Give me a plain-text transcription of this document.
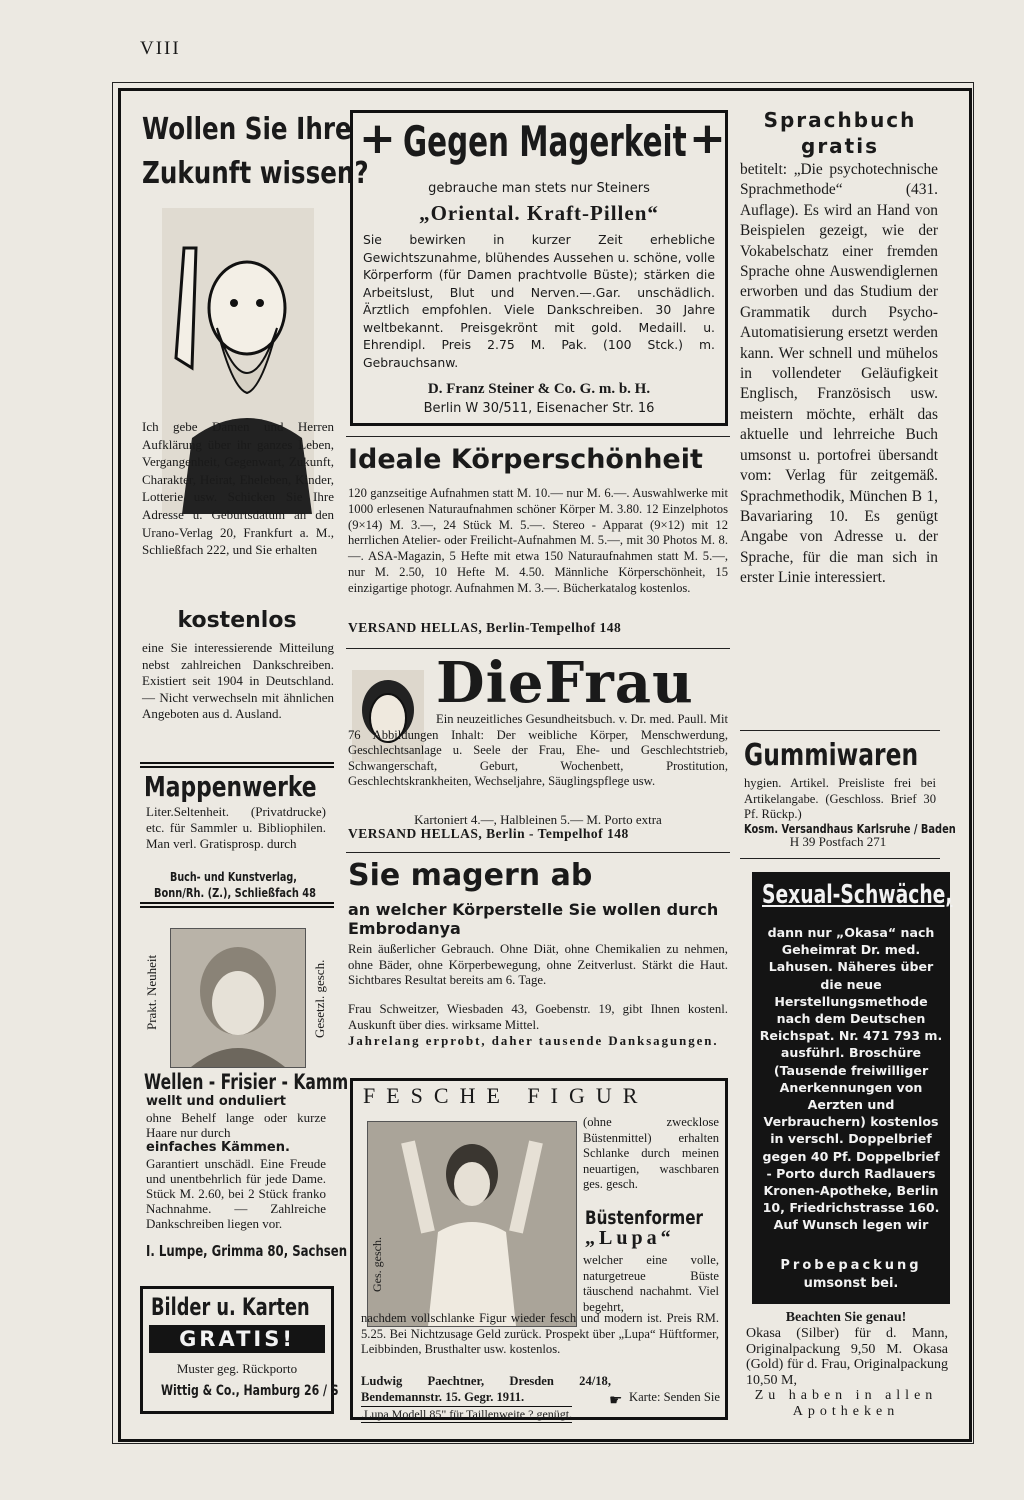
VIII
Wollen Sie Ihre
Zukunft wissen?

Ich gebe Damen und Herren Aufklärung über ihr ganzes Leben, Vergangenheit, Gegenwart, Zukunft, Charakter, Heirat, Eheleben, Kinder, Lotterie usw. Schicken Sie Ihre Adresse u. Geburtsdatum an den Urano-Verlag 20, Frankfurt a. M., Schließfach 222, und Sie erhalten

kostenlos

eine Sie interessierende Mitteilung nebst zahlreichen Dankschreiben. Existiert seit 1904 in Deutschland. — Nicht verwechseln mit ähnlichen Angeboten aus d. Ausland.

Mappenwerke

Liter.Seltenheit. (Privatdrucke) etc. für Sammler u. Bibliophilen. Man verl. Gratisprosp. durch

Buch- und Kunstverlag,
Bonn/Rh. (Z.), Schließfach 48
Prakt. Neuheit	Gesetzl. gesch.
Wellen - Frisier - Kamm
wellt und onduliert

ohne Behelf lange oder kurze Haare nur durch

einfaches Kämmen.

Garantiert unschädl. Eine Freude und unentbehrlich für jede Dame. Stück M. 2.60, bei 2 Stück franko Nachnahme. — Zahlreiche Dankschreiben liegen vor.

I. Lumpe, Grimma 80, Sachsen
Bilder u. Karten
GRATIS!
Muster geg. Rückporto
Wittig & Co., Hamburg 26 / S
+ Gegen Magerkeit +
gebrauche man stets nur Steiners
„Oriental. Kraft-Pillen“

Sie bewirken in kurzer Zeit erhebliche Gewichtszunahme, blühendes Aussehen u. schöne, volle Körperform (für Damen prachtvolle Büste); stärken die Arbeitslust, Blut und Nerven.—.Gar. unschädlich. Ärztlich empfohlen. Viele Dankschreiben. 30 Jahre weltbekannt. Preisgekrönt mit gold. Medaill. u. Ehrendipl. Preis 2.75 M. Pak. (100 Stck.) m. Gebrauchsanw.

D. Franz Steiner & Co. G. m. b. H.
Berlin W 30/511, Eisenacher Str. 16
Ideale Körperschönheit

120 ganzseitige Aufnahmen statt M. 10.— nur M. 6.—. Auswahlwerke mit 1000 erlesenen Naturaufnahmen schöner Körper M. 3.80. 12 Einzelphotos (9×14) M. 3.—, 24 Stück M. 5.—. Stereo - Apparat (9×12) mit 12 herrlichen Atelier- oder Freilicht-Aufnahmen M. 5.—, mit 30 Photos M. 8.—. ASA-Magazin, 5 Hefte mit etwa 150 Naturaufnahmen statt M. 5.—, nur M. 2.50, 10 Hefte M. 4.50. Männliche Körperschönheit, 15 einzigartige photogr. Aufnahmen M. 3.—. Bücherkatalog kostenlos.

VERSAND HELLAS, Berlin-Tempelhof 148
DieFrau

Ein neuzeitliches Gesundheitsbuch. v. Dr. med. Paull. Mit 76 Abbildungen Inhalt: Der weibliche Körper, Menschwerdung, Geschlechtsanlage u. Seele der Frau, Ehe- und Geschlechtstrieb, Schwangerschaft, Geburt, Wochenbett, Prostitution, Geschlechtskrankheiten, Wechseljahre, Säuglingspflege usw.

Kartoniert 4.—, Halbleinen 5.— M. Porto extra
VERSAND HELLAS, Berlin - Tempelhof 148
Sie magern ab
an welcher Körperstelle Sie wollen durch Embrodanya

Rein äußerlicher Gebrauch. Ohne Diät, ohne Chemikalien zu nehmen, ohne Bäder, ohne Körperbewegung, ohne Zeitverlust. Stärkt die Haut. Sichtbares Resultat bereits am 6. Tage.

Frau Schweitzer, Wiesbaden 43, Goebenstr. 19, gibt Ihnen kostenl. Auskunft über dies. wirksame Mittel.

Jahrelang erprobt, daher tausende Danksagungen.

FESCHE FIGUR
Ges. gesch.

(ohne zwecklose Büstenmittel) erhalten Schlanke durch meinen neuartigen, waschbaren ges. gesch.

Büstenformer
„Lupa“

welcher eine volle, naturgetreue Büste täuschend nachahmt. Viel begehrt,

nachdem vollschlanke Figur wieder fesch und modern ist. Preis RM. 5.25. Bei Nichtzusage Geld zurück. Prospekt über „Lupa“ Hüftformer, Leibbinden, Brusthalter usw. kostenlos.

Ludwig Paechtner, Dresden 24/18, Bendemannstr. 15. Gegr. 1911.	☛ Karte: Senden Sie
.Lupa Modell 85" für Taillenweite ? genügt.
Sprachbuch
gratis

betitelt: „Die psychotechnische Sprachmethode“ (431. Auflage). Es wird an Hand von Beispielen gezeigt, wie der Vokabelschatz einer fremden Sprache ohne Auswendiglernen erworben und das Studium der Grammatik durch Psycho-Automatisierung ersetzt werden kann. Wer schnell und mühelos in vollendeter Geläufigkeit Englisch, Französisch usw. meistern möchte, erhält das aktuelle und lehrreiche Buch umsonst u. portofrei übersandt vom: Verlag für zeitgemäß. Sprachmethodik, München B 1, Bavariaring 10. Es genügt Angabe von Adresse u. der Sprache, für die man sich in erster Linie interessiert.

Gummiwaren

hygien. Artikel. Preisliste frei bei Artikelangabe. (Geschloss. Brief 30 Pf. Rückp.)

Kosm. Versandhaus Karlsruhe / Baden
H 39 Postfach 271
Sexual-Schwäche,

dann nur „Okasa“ nach Geheimrat Dr. med. Lahusen. Näheres über die neue Herstellungsmethode nach dem Deutschen Reichspat. Nr. 471 793 m. ausführl. Broschüre (Tausende freiwilliger Anerkennungen von Aerzten und Verbrauchern) kostenlos in verschl. Doppelbrief gegen 40 Pf. Doppelbrief - Porto durch Radlauers Kronen-Apotheke, Berlin 10, Friedrichstrasse 160. Auf Wunsch legen wir

Probepackung
umsonst bei.
Beachten Sie genau!

Okasa (Silber) für d. Mann, Originalpackung 9,50 M. Okasa (Gold) für d. Frau, Originalpackung 10,50 M,

Zu haben in allen
Apotheken
